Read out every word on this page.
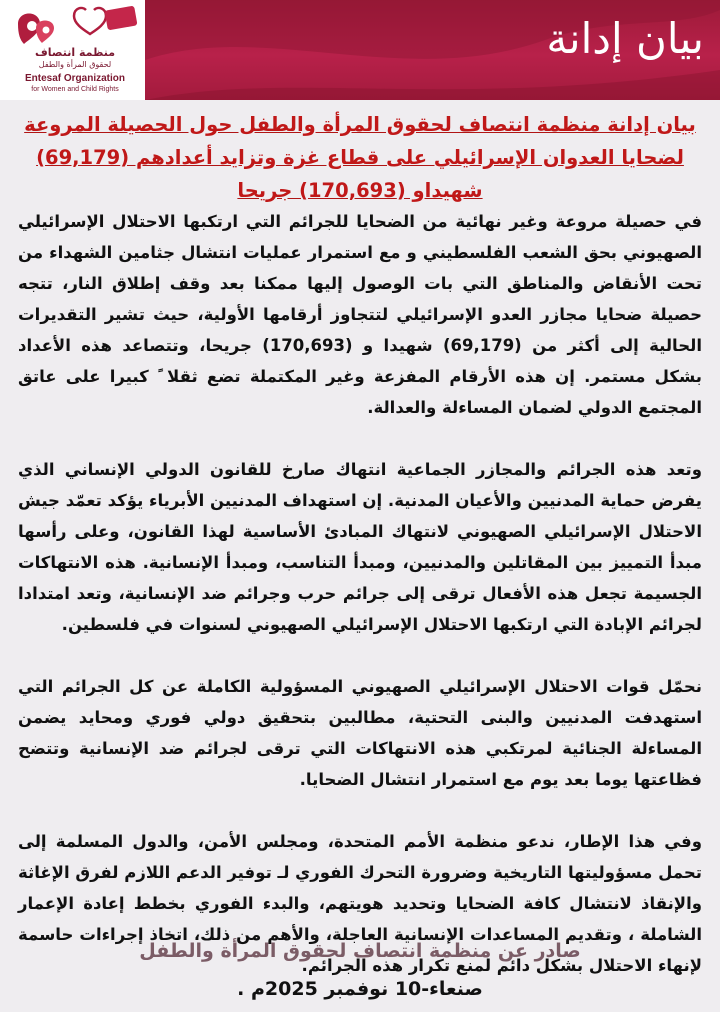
منظمة انتصاف
لحقوق المرأة والطفل
Entesaf Organization
for Women and Child Rights
بيان إدانة
بيان إدانة منظمة انتصاف لحقوق المرأة والطفل حول الحصيلة المروعة
لضحايا العدوان الإسرائيلي على قطاع غزة وتزايد أعدادهم (69,179)
شهيدا‌و (170,693) جريحا

في حصيلة مروعة وغير نهائية من الضحايا للجرائم التي ارتكبها الاحتلال الإسرائيلي الصهيوني بحق الشعب الفلسطيني و مع استمرار عمليات انتشال جثامين الشهداء من تحت الأنقاض والمناطق التي بات الوصول إليها ممكنا بعد وقف إطلاق النار، تتجه حصيلة ضحايا مجازر العدو الإسرائيلي لتتجاوز أرقامها الأولية، حيث تشير التقديرات الحالية إلى أكثر من (69,179) شهيدا و (170,693) جريحا، وتتصاعد هذه الأعداد بشكل مستمر. إن هذه الأرقام المفزعة وغير المكتملة تضع ثقلا ً كبيرا على عاتق المجتمع الدولي لضمان المساءلة والعدالة.

وتعد هذه الجرائم والمجازر الجماعية انتهاك صارخ للقانون الدولي الإنساني الذي يفرض حماية المدنيين والأعيان المدنية. إن استهداف المدنيين الأبرياء يؤكد تعمّد جيش الاحتلال الإسرائيلي الصهيوني لانتهاك المبادئ الأساسية لهذا القانون، وعلى رأسها مبدأ التمييز بين المقاتلين والمدنيين، ومبدأ التناسب، ومبدأ الإنسانية. هذه الانتهاكات الجسيمة تجعل هذه الأفعال ترقى إلى جرائم حرب وجرائم ضد الإنسانية، وتعد امتدادا لجرائم الإبادة التي ارتكبها الاحتلال الإسرائيلي الصهيوني لسنوات في فلسطين.

نحمّل قوات الاحتلال الإسرائيلي الصهيوني المسؤولية الكاملة عن كل الجرائم التي استهدفت المدنيين والبنى التحتية، مطالبين بتحقيق دولي فوري ومحايد يضمن المساءلة الجنائية لمرتكبي هذه الانتهاكات التي ترقى لجرائم ضد الإنسانية وتتضح فظاعتها يوما بعد يوم مع استمرار انتشال الضحايا.

وفي هذا الإطار، ندعو منظمة الأمم المتحدة، ومجلس الأمن، والدول المسلمة إلى تحمل مسؤوليتها التاريخية وضرورة التحرك الفوري لـ توفير الدعم اللازم لفرق الإغاثة والإنقاذ لانتشال كافة الضحايا وتحديد هويتهم، والبدء الفوري بخطط إعادة الإعمار الشاملة ، وتقديم المساعدات الإنسانية العاجلة، والأهم من ذلك، اتخاذ إجراءات حاسمة لإنهاء الاحتلال بشكل دائم لمنع تكرار هذه الجرائم.

صادر عن منظمة انتصاف لحقوق المرأة والطفل
صنعاء-10 نوفمبر 2025م .
